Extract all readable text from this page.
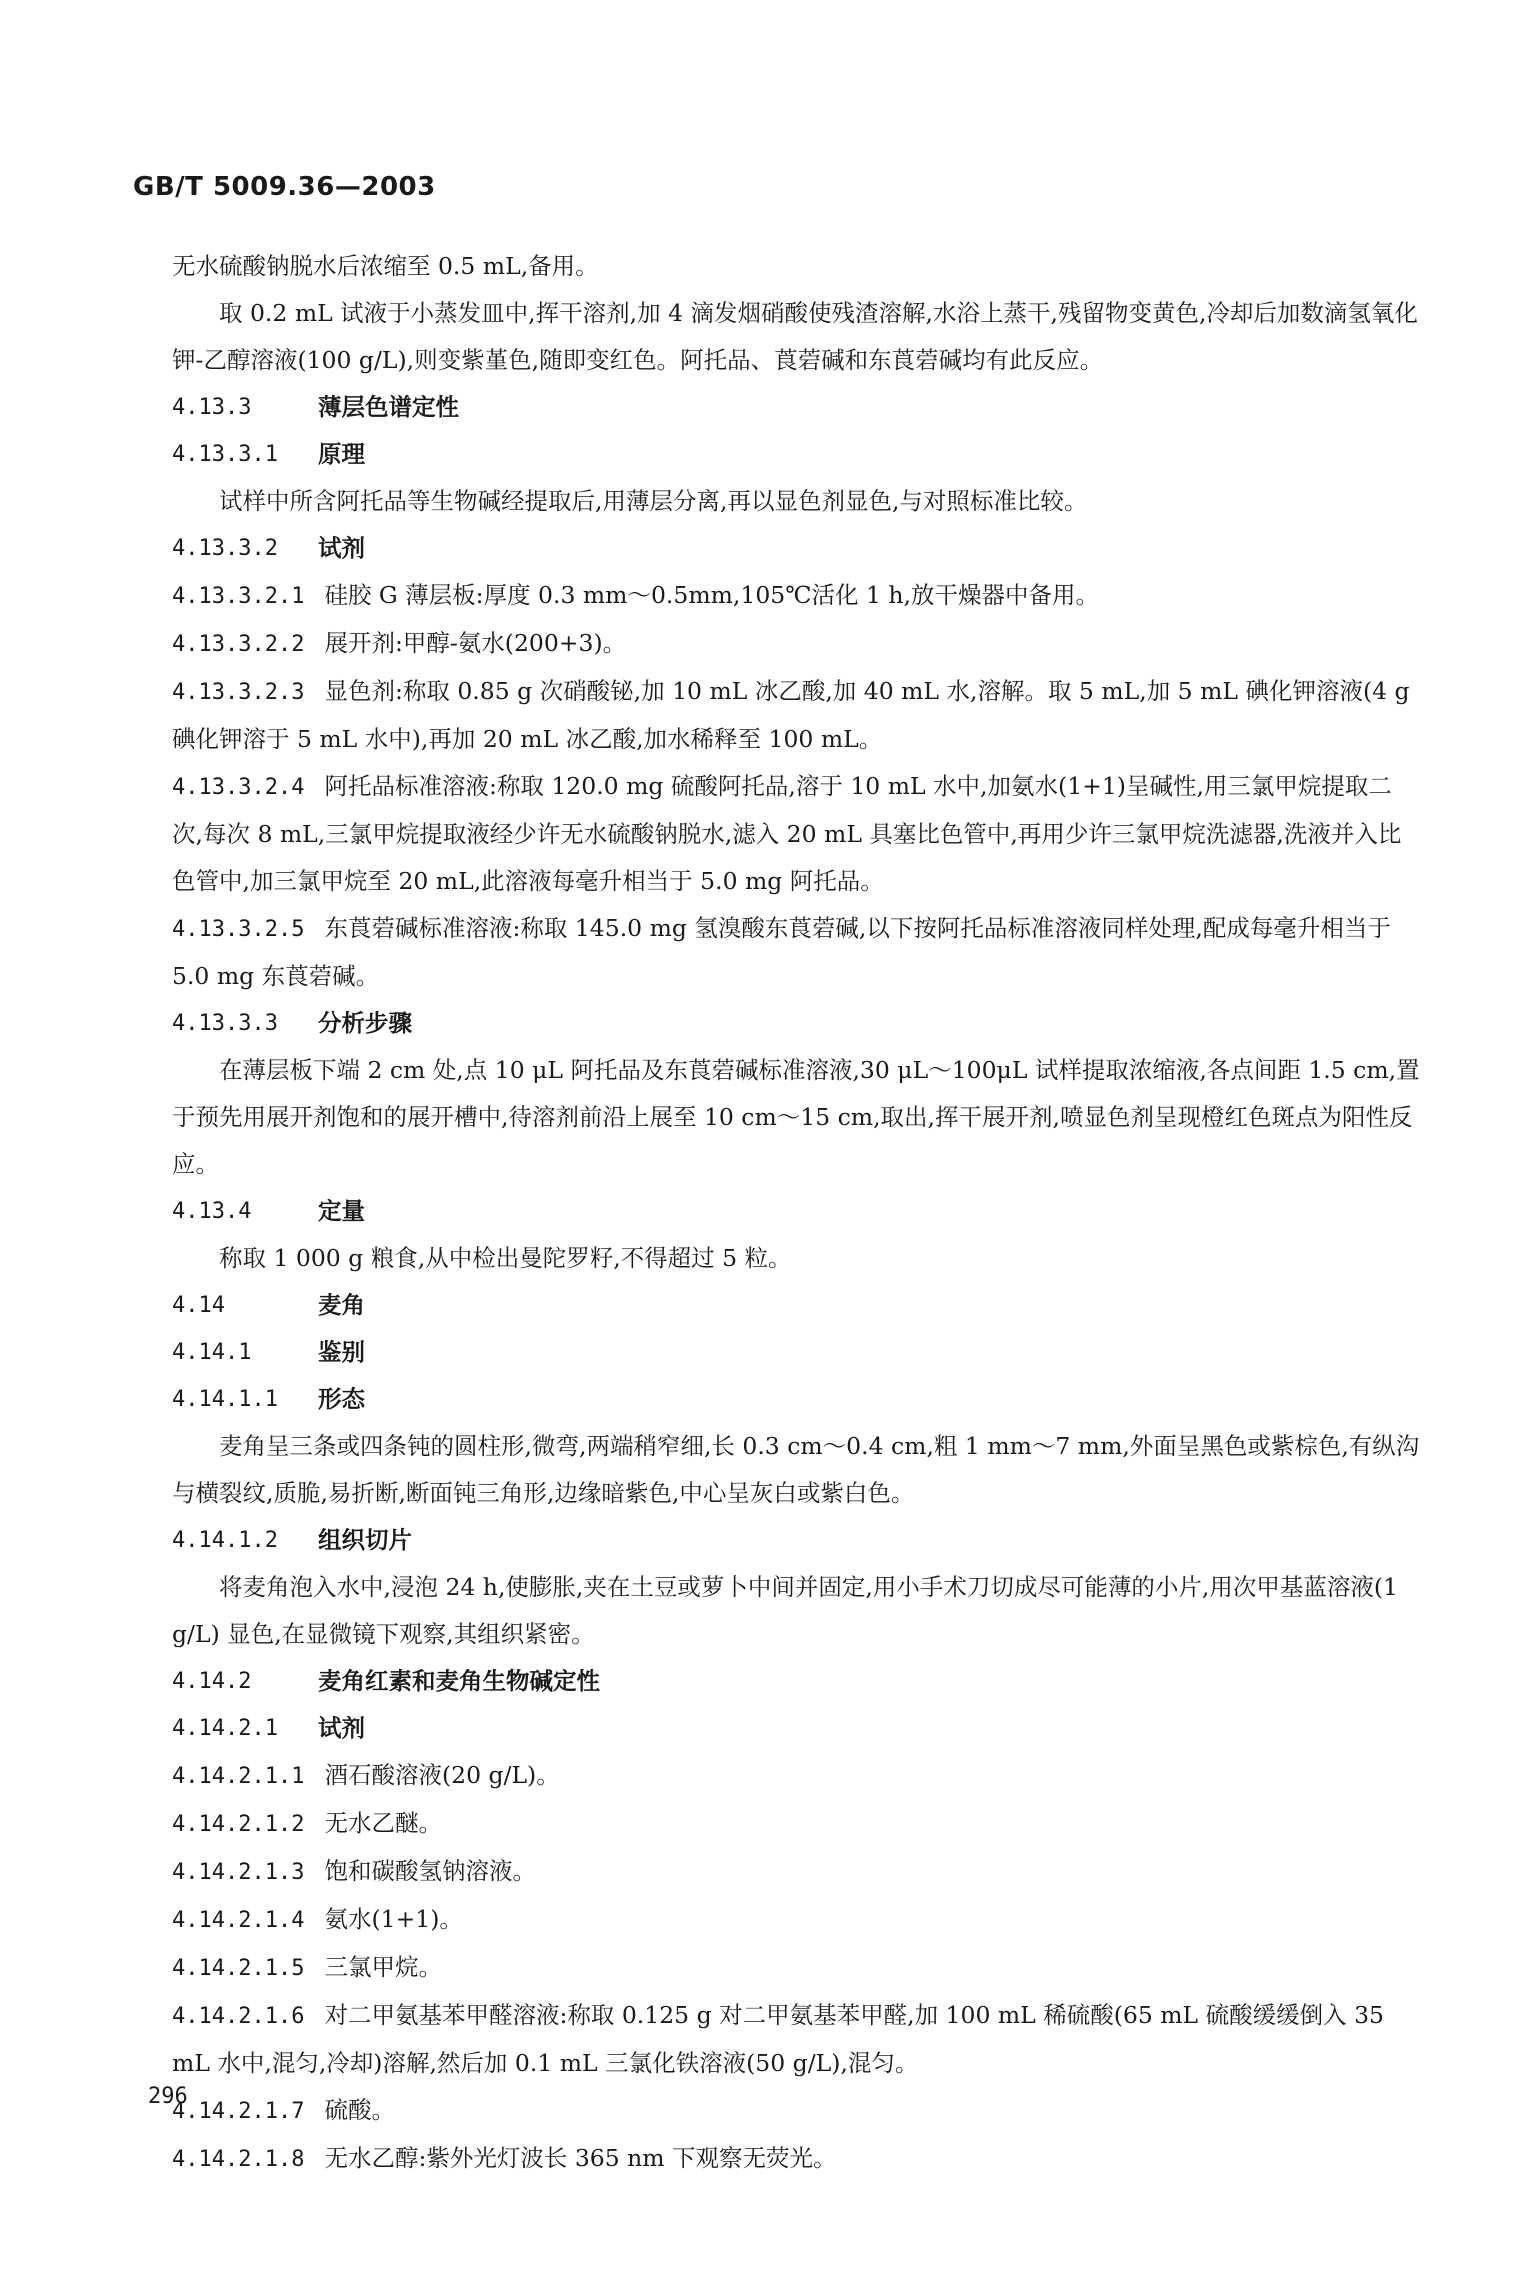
GB/T 5009.36—2003

无水硫酸钠脱水后浓缩至 0.5 mL,备用。

取 0.2 mL 试液于小蒸发皿中,挥干溶剂,加 4 滴发烟硝酸使残渣溶解,水浴上蒸干,残留物变黄色,冷却后加数滴氢氧化钾-乙醇溶液(100 g/L),则变紫堇色,随即变红色。阿托品、莨菪碱和东莨菪碱均有此反应。

4.13.3	薄层色谱定性
4.13.3.1	原理

试样中所含阿托品等生物碱经提取后,用薄层分离,再以显色剂显色,与对照标准比较。

4.13.3.2	试剂

4.13.3.2.1 硅胶 G 薄层板:厚度 0.3 mm～0.5mm,105℃活化 1 h,放干燥器中备用。

4.13.3.2.2 展开剂:甲醇-氨水(200+3)。

4.13.3.2.3 显色剂:称取 0.85 g 次硝酸铋,加 10 mL 冰乙酸,加 40 mL 水,溶解。取 5 mL,加 5 mL 碘化钾溶液(4 g 碘化钾溶于 5 mL 水中),再加 20 mL 冰乙酸,加水稀释至 100 mL。

4.13.3.2.4 阿托品标准溶液:称取 120.0 mg 硫酸阿托品,溶于 10 mL 水中,加氨水(1+1)呈碱性,用三氯甲烷提取二次,每次 8 mL,三氯甲烷提取液经少许无水硫酸钠脱水,滤入 20 mL 具塞比色管中,再用少许三氯甲烷洗滤器,洗液并入比色管中,加三氯甲烷至 20 mL,此溶液每毫升相当于 5.0 mg 阿托品。

4.13.3.2.5 东莨菪碱标准溶液:称取 145.0 mg 氢溴酸东莨菪碱,以下按阿托品标准溶液同样处理,配成每毫升相当于 5.0 mg 东莨菪碱。

4.13.3.3	分析步骤

在薄层板下端 2 cm 处,点 10 μL 阿托品及东莨菪碱标准溶液,30 μL～100μL 试样提取浓缩液,各点间距 1.5 cm,置于预先用展开剂饱和的展开槽中,待溶剂前沿上展至 10 cm～15 cm,取出,挥干展开剂,喷显色剂呈现橙红色斑点为阳性反应。

4.13.4	定量

称取 1 000 g 粮食,从中检出曼陀罗籽,不得超过 5 粒。

4.14	麦角
4.14.1	鉴别
4.14.1.1	形态

麦角呈三条或四条钝的圆柱形,微弯,两端稍窄细,长 0.3 cm～0.4 cm,粗 1 mm～7 mm,外面呈黑色或紫棕色,有纵沟与横裂纹,质脆,易折断,断面钝三角形,边缘暗紫色,中心呈灰白或紫白色。

4.14.1.2	组织切片

将麦角泡入水中,浸泡 24 h,使膨胀,夹在土豆或萝卜中间并固定,用小手术刀切成尽可能薄的小片,用次甲基蓝溶液(1 g/L) 显色,在显微镜下观察,其组织紧密。

4.14.2	麦角红素和麦角生物碱定性
4.14.2.1	试剂

4.14.2.1.1 酒石酸溶液(20 g/L)。

4.14.2.1.2 无水乙醚。

4.14.2.1.3 饱和碳酸氢钠溶液。

4.14.2.1.4 氨水(1+1)。

4.14.2.1.5 三氯甲烷。

4.14.2.1.6 对二甲氨基苯甲醛溶液:称取 0.125 g 对二甲氨基苯甲醛,加 100 mL 稀硫酸(65 mL 硫酸缓缓倒入 35 mL 水中,混匀,冷却)溶解,然后加 0.1 mL 三氯化铁溶液(50 g/L),混匀。

4.14.2.1.7 硫酸。

4.14.2.1.8 无水乙醇:紫外光灯波长 365 nm 下观察无荧光。

296
